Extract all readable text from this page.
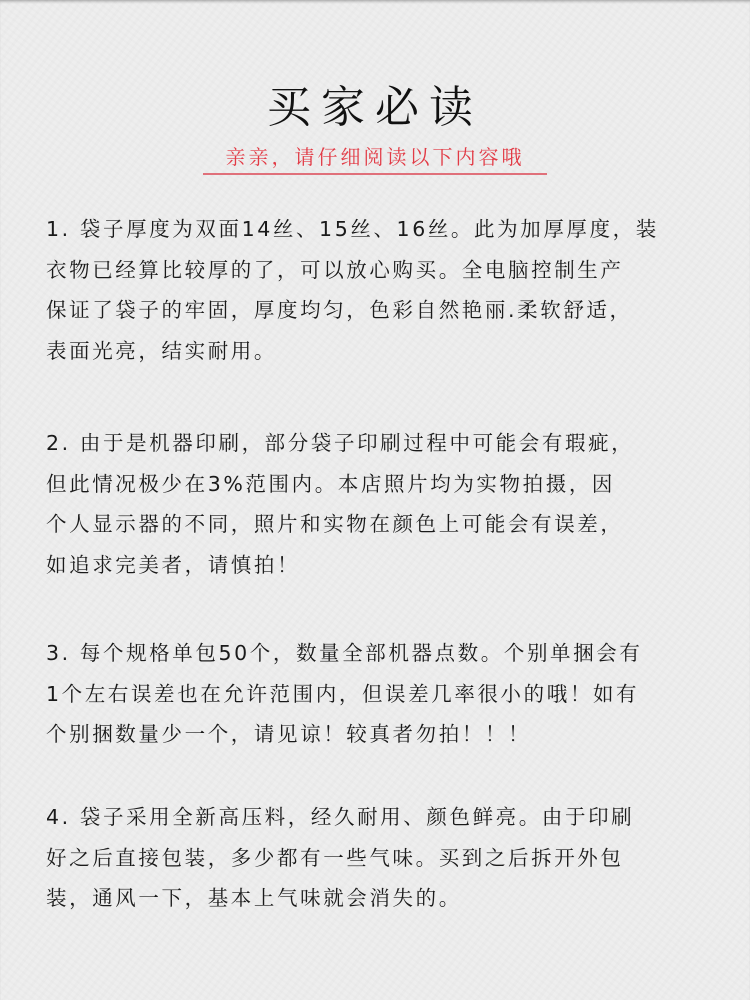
买家必读
亲亲，请仔细阅读以下内容哦
1. 袋子厚度为双面14丝、15丝、16丝。此为加厚厚度，装
衣物已经算比较厚的了，可以放心购买。全电脑控制生产
保证了袋子的牢固，厚度均匀，色彩自然艳丽.柔软舒适，
表面光亮，结实耐用。
2. 由于是机器印刷，部分袋子印刷过程中可能会有瑕疵，
但此情况极少在3%范围内。本店照片均为实物拍摄，因
个人显示器的不同，照片和实物在颜色上可能会有误差，
如追求完美者，请慎拍！
3. 每个规格单包50个，数量全部机器点数。个别单捆会有
1个左右误差也在允许范围内，但误差几率很小的哦！如有
个别捆数量少一个，请见谅！较真者勿拍！！！
4. 袋子采用全新高压料，经久耐用、颜色鲜亮。由于印刷
好之后直接包装，多少都有一些气味。买到之后拆开外包
装，通风一下，基本上气味就会消失的。
